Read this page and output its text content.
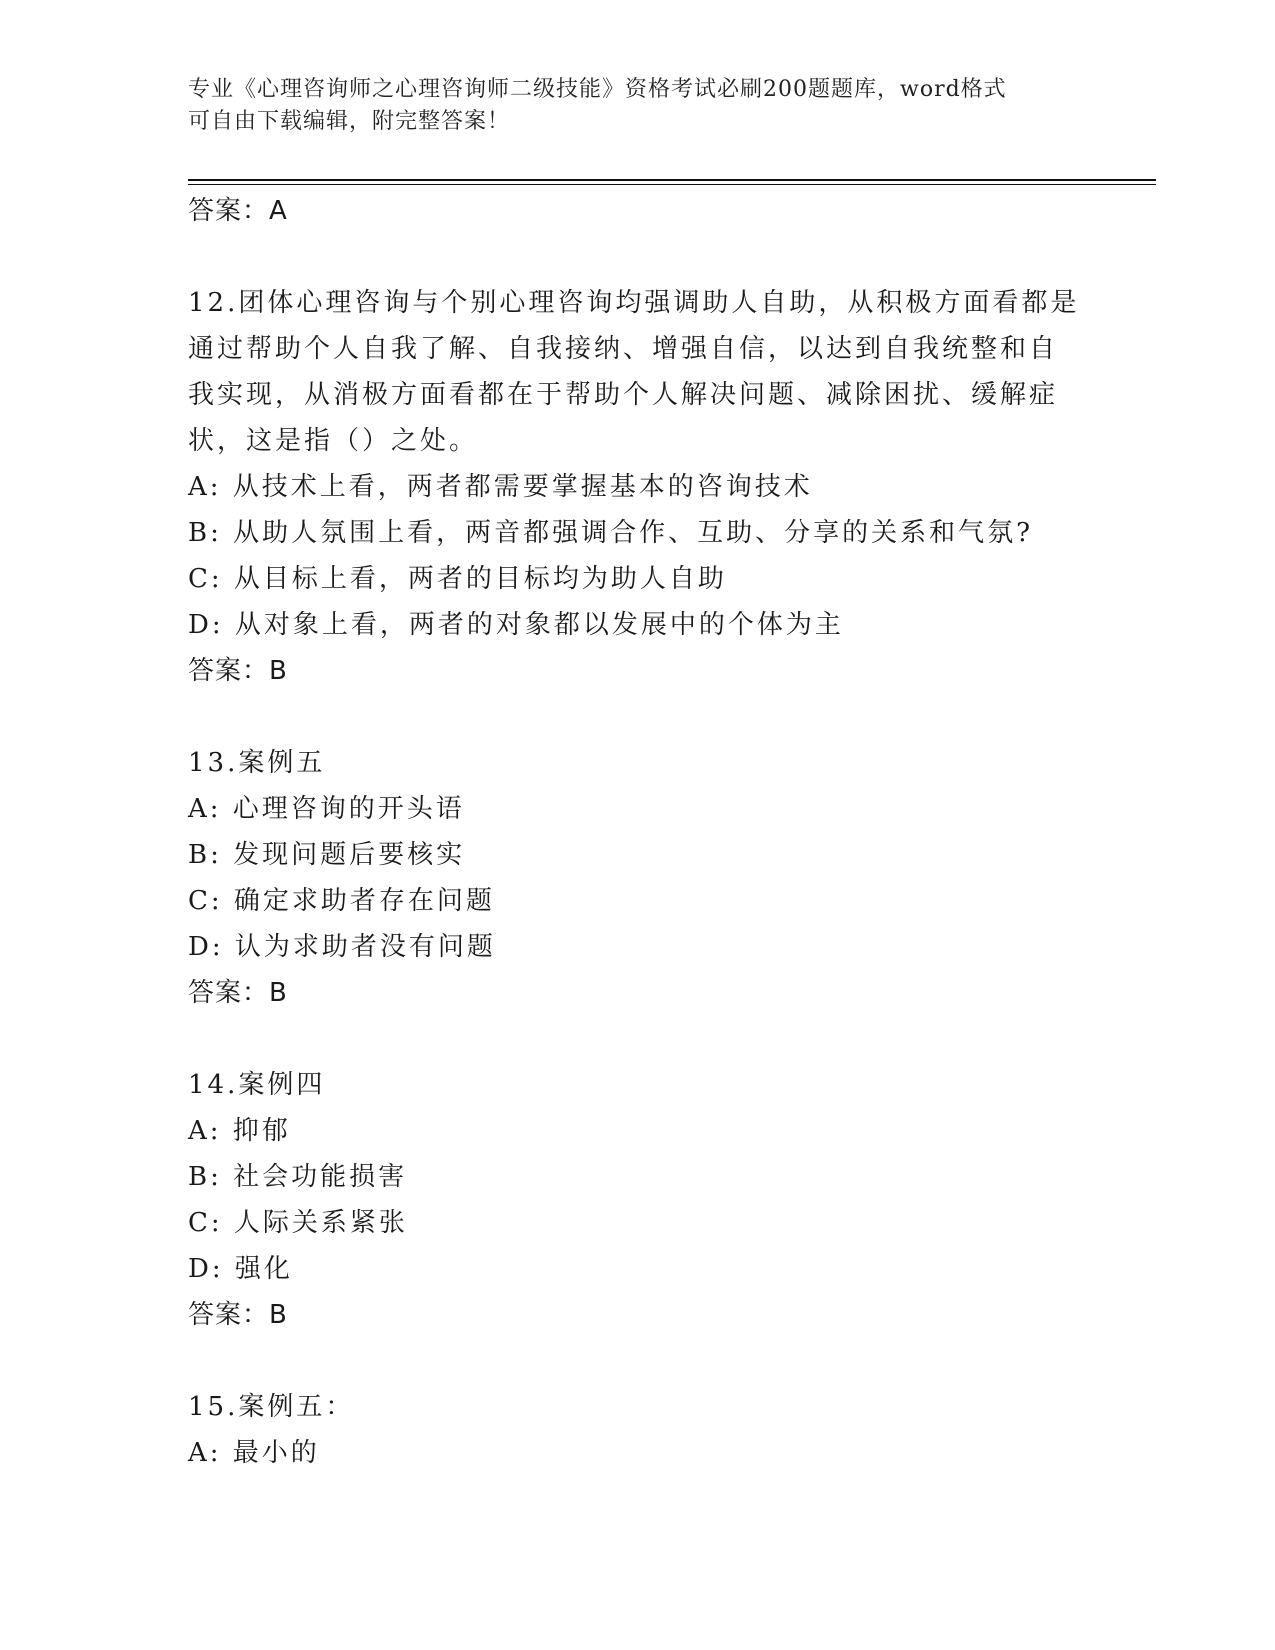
专业《心理咨询师之心理咨询师二级技能》资格考试必刷200题题库，word格式
可自由下载编辑，附完整答案！
答案：A
12.团体心理咨询与个别心理咨询均强调助人自助，从积极方面看都是
通过帮助个人自我了解、自我接纳、增强自信，以达到自我统整和自
我实现，从消极方面看都在于帮助个人解决问题、减除困扰、缓解症
状，这是指（）之处。
A: 从技术上看，两者都需要掌握基本的咨询技术
B: 从助人氛围上看，两音都强调合作、互助、分享的关系和气氛?
C: 从目标上看，两者的目标均为助人自助
D: 从对象上看，两者的对象都以发展中的个体为主
答案：B
13.案例五
A: 心理咨询的开头语
B: 发现问题后要核实
C: 确定求助者存在问题
D: 认为求助者没有问题
答案：B
14.案例四
A: 抑郁
B: 社会功能损害
C: 人际关系紧张
D: 强化
答案：B
15.案例五：
A: 最小的
